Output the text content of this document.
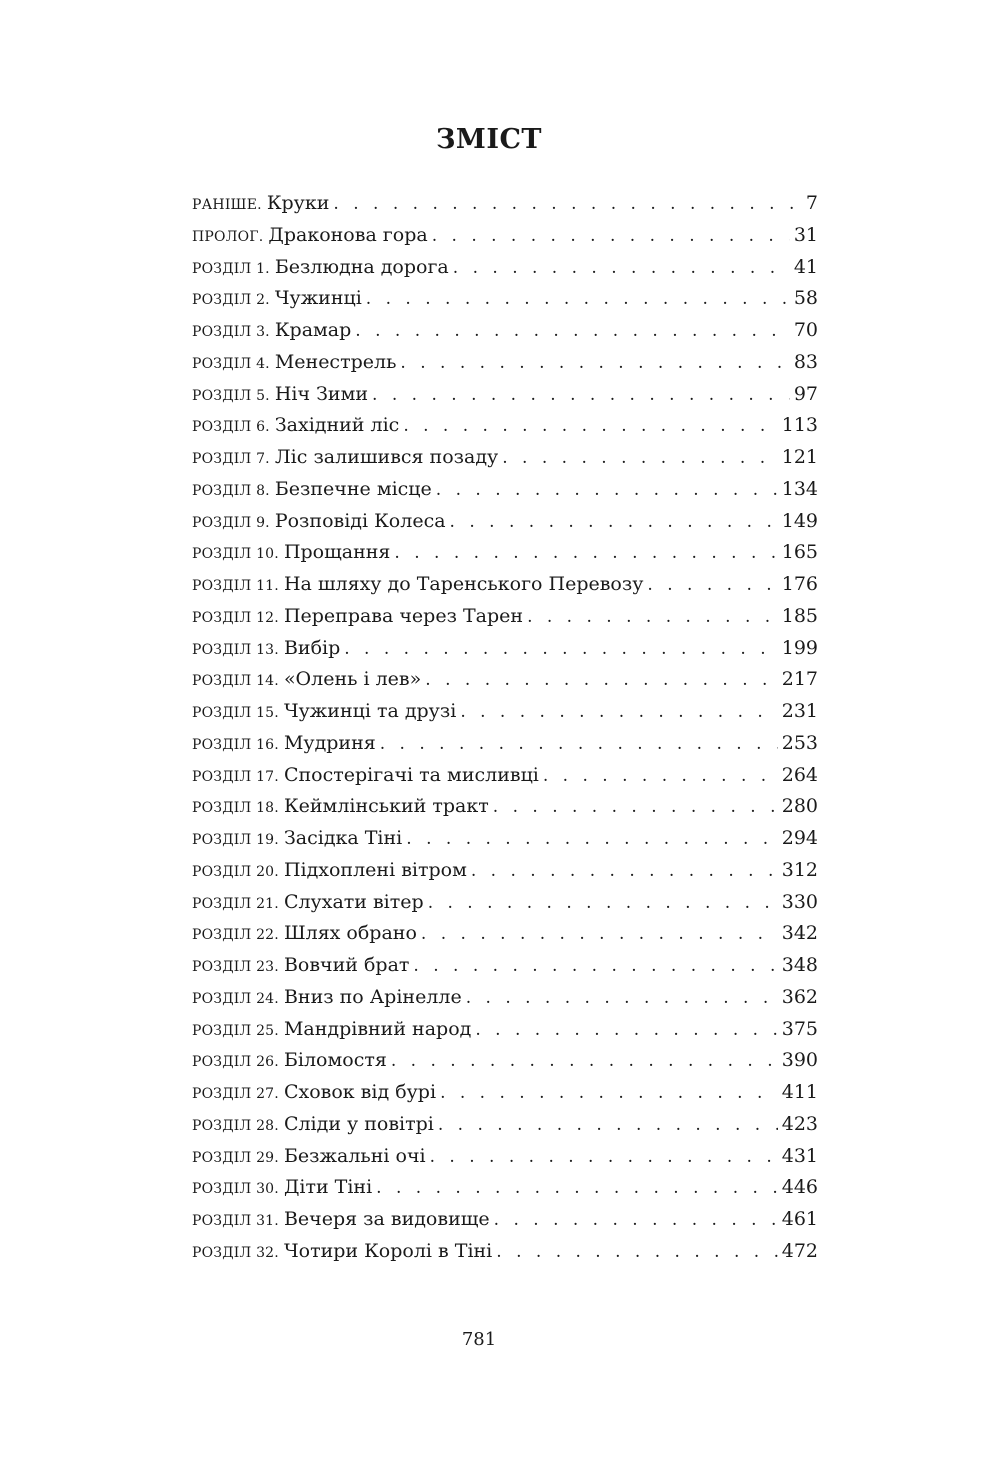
ЗМІСТ
РАНІШЕ. Круки . . .	7
ПРОЛОГ. Драконова гора . . .	31
РОЗДІЛ 1. Безлюдна дорога . . .	41
РОЗДІЛ 2. Чужинці . . .	58
РОЗДІЛ 3. Крамар . . .	70
РОЗДІЛ 4. Менестрель . . .	83
РОЗДІЛ 5. Ніч Зими . . .	97
РОЗДІЛ 6. Західний ліс . . .	113
РОЗДІЛ 7. Ліс залишився позаду . . .	121
РОЗДІЛ 8. Безпечне місце . . .	134
РОЗДІЛ 9. Розповіді Колеса . . .	149
РОЗДІЛ 10. Прощання . . .	165
РОЗДІЛ 11. На шляху до Таренського Перевозу . . .	176
РОЗДІЛ 12. Переправа через Тарен . . .	185
РОЗДІЛ 13. Вибір . . .	199
РОЗДІЛ 14. «Олень і лев» . . .	217
РОЗДІЛ 15. Чужинці та друзі . . .	231
РОЗДІЛ 16. Мудриня . . .	253
РОЗДІЛ 17. Спостерігачі та мисливці . . .	264
РОЗДІЛ 18. Кеймлінський тракт . . .	280
РОЗДІЛ 19. Засідка Тіні . . .	294
РОЗДІЛ 20. Підхоплені вітром . . .	312
РОЗДІЛ 21. Слухати вітер . . .	330
РОЗДІЛ 22. Шлях обрано . . .	342
РОЗДІЛ 23. Вовчий брат . . .	348
РОЗДІЛ 24. Вниз по Арінелле . . .	362
РОЗДІЛ 25. Мандрівний народ . . .	375
РОЗДІЛ 26. Біломостя . . .	390
РОЗДІЛ 27. Сховок від бурі . . .	411
РОЗДІЛ 28. Сліди у повітрі . . .	423
РОЗДІЛ 29. Безжальні очі . . .	431
РОЗДІЛ 30. Діти Тіні . . .	446
РОЗДІЛ 31. Вечеря за видовище . . .	461
РОЗДІЛ 32. Чотири Королі в Тіні . . .	472
781
